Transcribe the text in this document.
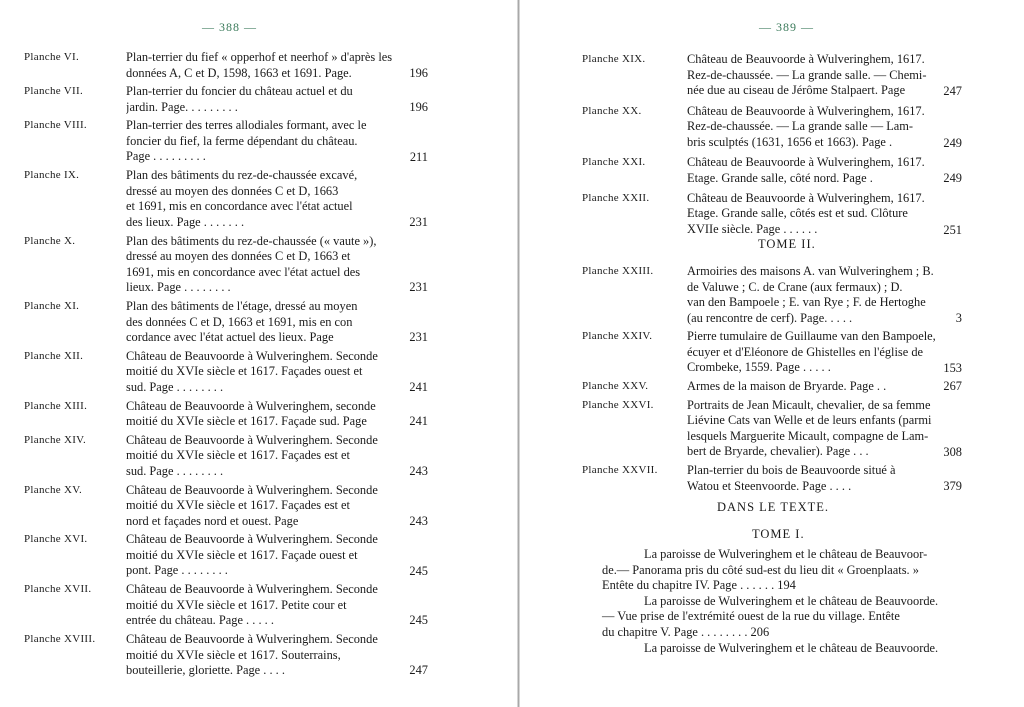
— 388 —
Planche VI.	Plan-terrier du fief « opperhof et neerhof » d'après les
données A, C et D, 1598, 1663 et 1691. Page.	196
Planche VII.	Plan-terrier du foncier du château actuel et du
jardin. Page. . . . . . . . .	196
Planche VIII.	Plan-terrier des terres allodiales formant, avec le
foncier du fief, la ferme dépendant du château.
Page . . . . . . . . .	211
Planche IX.	Plan des bâtiments du rez-de-chaussée excavé,
dressé au moyen des données C et D, 1663
et 1691, mis en concordance avec l'état actuel
des lieux. Page . . . . . . .	231
Planche X.	Plan des bâtiments du rez-de-chaussée (« vaute »),
dressé au moyen des données C et D, 1663 et
1691, mis en concordance avec l'état actuel des
lieux. Page . . . . . . . .	231
Planche XI.	Plan des bâtiments de l'étage, dressé au moyen
des données C et D, 1663 et 1691, mis en con
cordance avec l'état actuel des lieux. Page	231
Planche XII.	Château de Beauvoorde à Wulveringhem. Seconde
moitié du XVIe siècle et 1617. Façades ouest et
sud. Page . . . . . . . .	241
Planche XIII.	Château de Beauvoorde à Wulveringhem, seconde
moitié du XVIe siècle et 1617. Façade sud. Page	241
Planche XIV.	Château de Beauvoorde à Wulveringhem. Seconde
moitié du XVIe siècle et 1617. Façades est et
sud. Page . . . . . . . .	243
Planche XV.	Château de Beauvoorde à Wulveringhem. Seconde
moitié du XVIe siècle et 1617. Façades est et
nord et façades nord et ouest. Page	243
Planche XVI.	Château de Beauvoorde à Wulveringhem. Seconde
moitié du XVIe siècle et 1617. Façade ouest et
pont. Page . . . . . . . .	245
Planche XVII.	Château de Beauvoorde à Wulveringhem. Seconde
moitié du XVIe siècle et 1617. Petite cour et
entrée du château. Page . . . . .	245
Planche XVIII. Château de Beauvoorde à Wulveringhem. Seconde
moitié du XVIe siècle et 1617. Souterrains,
bouteillerie, gloriette. Page . . . .	247
— 389 —
Planche XIX.	Château de Beauvoorde à Wulveringhem, 1617.
Rez-de-chaussée. — La grande salle. — Chemi-
née due au ciseau de Jérôme Stalpaert. Page	247
Planche XX.	Château de Beauvoorde à Wulveringhem, 1617.
Rez-de-chaussée. — La grande salle — Lam-
bris sculptés (1631, 1656 et 1663). Page .	249
Planche XXI.	Château de Beauvoorde à Wulveringhem, 1617.
Etage. Grande salle, côté nord. Page .	249
Planche XXII.	Château de Beauvoorde à Wulveringhem, 1617.
Etage. Grande salle, côtés est et sud. Clôture
XVIIe siècle. Page . . . . . .	251
TOME II.
Planche XXIII.	Armoiries des maisons A. van Wulveringhem ; B.
de Valuwe ; C. de Crane (aux fermaux) ; D.
van den Bampoele ; E. van Rye ; F. de Hertoghe
(au rencontre de cerf). Page. . . . .	3
Planche XXIV.	Pierre tumulaire de Guillaume van den Bampoele,
écuyer et d'Eléonore de Ghistelles en l'église de
Crombeke, 1559. Page . . . . .	153
Planche XXV.	Armes de la maison de Bryarde. Page . .	267
Planche XXVI.	Portraits de Jean Micault, chevalier, de sa femme
Liévine Cats van Welle et de leurs enfants (parmi
lesquels Marguerite Micault, compagne de Lam-
bert de Bryarde, chevalier). Page . . .	308
Planche XXVII. Plan-terrier du bois de Beauvoorde situé à
Watou et Steenvoorde. Page . . . .	379
DANS LE TEXTE.
TOME I.
La paroisse de Wulveringhem et le château de Beauvoor-
de.— Panorama pris du côté sud-est du lieu dit « Groenplaats. »
Entête du chapitre IV. Page . . . . . . 194
La paroisse de Wulveringhem et le château de Beauvoorde.
— Vue prise de l'extrémité ouest de la rue du village. Entête
du chapitre V. Page . . . . . . . . 206
La paroisse de Wulveringhem et le château de Beauvoorde.
